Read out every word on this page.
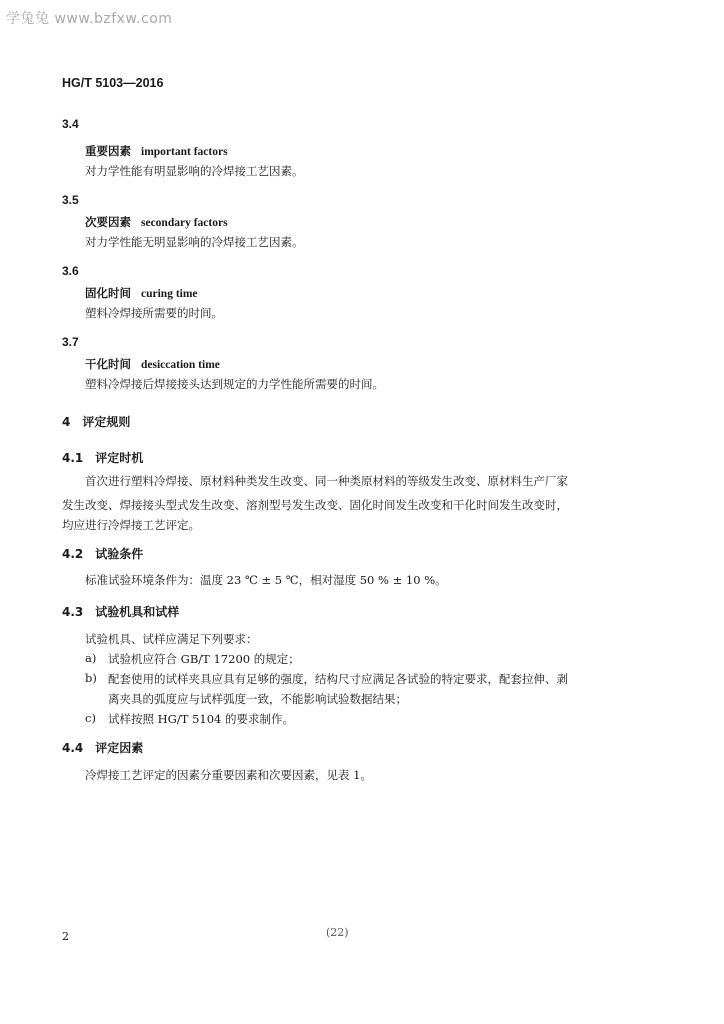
学兔兔 www.bzfxw.com
HG/T 5103—2016
3.4
重要因素 important factors
对力学性能有明显影响的冷焊接工艺因素。
3.5
次要因素 secondary factors
对力学性能无明显影响的冷焊接工艺因素。
3.6
固化时间 curing time
塑料冷焊接所需要的时间。
3.7
干化时间 desiccation time
塑料冷焊接后焊接接头达到规定的力学性能所需要的时间。
4 评定规则
4.1 评定时机
首次进行塑料冷焊接、原材料种类发生改变、同一种类原材料的等级发生改变、原材料生产厂家
发生改变、焊接接头型式发生改变、溶剂型号发生改变、固化时间发生改变和干化时间发生改变时，
均应进行冷焊接工艺评定。
4.2 试验条件
标准试验环境条件为：温度 23 ℃ ± 5 ℃，相对湿度 50 % ± 10 %。
4.3 试验机具和试样
试验机具、试样应满足下列要求：
a) 试验机应符合 GB/T 17200 的规定；
b) 配套使用的试样夹具应具有足够的强度，结构尺寸应满足各试验的特定要求，配套拉伸、剥
离夹具的弧度应与试样弧度一致，不能影响试验数据结果；
c) 试样按照 HG/T 5104 的要求制作。
4.4 评定因素
冷焊接工艺评定的因素分重要因素和次要因素，见表 1。
2	(22)
